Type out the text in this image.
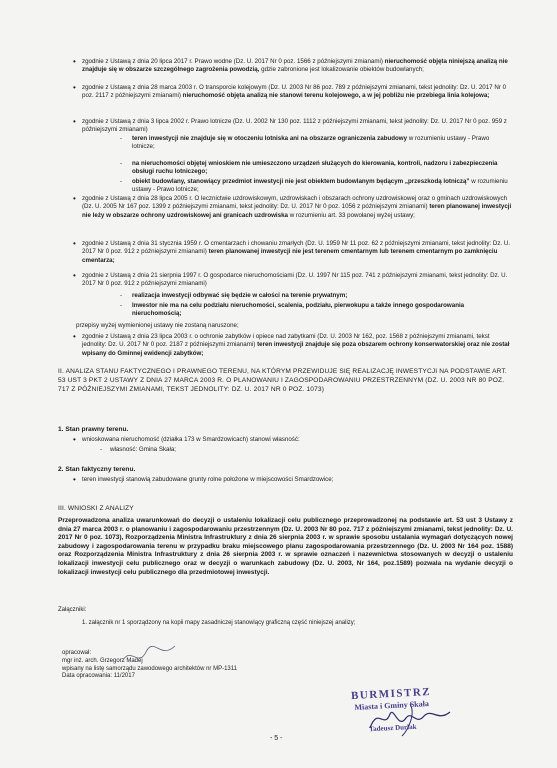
• zgodnie z Ustawą z dnia 20 lipca 2017 r. Prawo wodne (Dz. U. 2017 Nr 0 poz. 1566 z późniejszymi zmianami) nieruchomość objęta niniejszą analizą nie znajduje się w obszarze szczególnego zagrożenia powodzią, gdzie zabronione jest lokalizowanie obiektów budowlanych;
• zgodnie z Ustawą z dnia 28 marca 2003 r. O transporcie kolejowym (Dz. U. 2003 Nr 86 poz. 789 z późniejszymi zmianami, tekst jednolity: Dz. U. 2017 Nr 0 poz. 2117 z późniejszymi zmianami) nieruchomość objęta analizą nie stanowi terenu kolejowego, a w jej pobliżu nie przebiega linia kolejowa;
• zgodnie z Ustawą z dnia 3 lipca 2002 r. Prawo lotnicze (Dz. U. 2002 Nr 130 poz. 1112 z późniejszymi zmianami, tekst jednolity: Dz. U. 2017 Nr 0 poz. 959 z późniejszymi zmianami)
- teren inwestycji nie znajduje się w otoczeniu lotniska ani na obszarze ograniczenia zabudowy w rozumieniu ustawy - Prawo lotnicze;
- na nieruchomości objętej wnioskiem nie umieszczono urządzeń służących do kierowania, kontroli, nadzoru i zabezpieczenia obsługi ruchu lotniczego;
- obiekt budowlany, stanowiący przedmiot inwestycji nie jest obiektem budowlanym będącym „przeszkodą lotniczą” w rozumieniu ustawy - Prawo lotnicze;
• zgodnie z Ustawą z dnia 28 lipca 2005 r. O lecznictwie uzdrowiskowym, uzdrowiskach i obszarach ochrony uzdrowiskowej oraz o gminach uzdrowiskowych (Dz. U. 2005 Nr 167 poz. 1399 z późniejszymi zmianami, tekst jednolity: Dz. U. 2017 Nr 0 poz. 1056 z późniejszymi zmianami) teren planowanej inwestycji nie leży w obszarze ochrony uzdrowiskowej ani granicach uzdrowiska w rozumieniu art. 33 powołanej wyżej ustawy;
• zgodnie z Ustawą z dnia 31 stycznia 1959 r. O cmentarzach i chowaniu zmarłych (Dz. U. 1959 Nr 11 poz. 62 z późniejszymi zmianami, tekst jednolity: Dz. U. 2017 Nr 0 poz. 912 z późniejszymi zmianami) teren planowanej inwestycji nie jest terenem cmentarnym lub terenem cmentarnym po zamknięciu cmentarza;
• zgodnie z Ustawą z dnia 21 sierpnia 1997 r. O gospodarce nieruchomościami (Dz. U. 1997 Nr 115 poz. 741 z późniejszymi zmianami, tekst jednolity: Dz. U. 2017 Nr 0 poz. 912 z późniejszymi zmianami)
- realizacja inwestycji odbywać się będzie w całości na terenie prywatnym;
- Inwestor nie ma na celu podziału nieruchomości, scalenia, podziału, pierwokupu a także innego gospodarowania nieruchomością;
przepisy wyżej wymienionej ustawy nie zostaną naruszone;
• zgodnie z Ustawą z dnia 23 lipca 2003 r. o ochronie zabytków i opiece nad zabytkami (Dz. U. 2003 Nr 162, poz. 1568 z późniejszymi zmianami, tekst jednolity: Dz. U. 2017 Nr 0 poz. 2187 z późniejszymi zmianami) teren inwestycji znajduje się poza obszarem ochrony konserwatorskiej oraz nie został wpisany do Gminnej ewidencji zabytków;
II. ANALIZA STANU FAKTYCZNEGO I PRAWNEGO TERENU, NA KTÓRYM PRZEWIDUJE SIĘ REALIZACJĘ INWESTYCJI NA PODSTAWIE ART. 53 UST 3 PKT 2 USTAWY Z DNIA 27 MARCA 2003 R. O PLANOWANIU I ZAGOSPODAROWANIU PRZESTRZENNYM (DZ. U. 2003 NR 80 POZ. 717 Z PÓŹNIEJSZYMI ZMIANAMI, TEKST JEDNOLITY: DZ. U. 2017 NR 0 POZ. 1073)
1. Stan prawny terenu.
• wnioskowana nieruchomość (działka 173 w Smardzowicach) stanowi własność:
- własność: Gmina Skała;
2. Stan faktyczny terenu.
• teren inwestycji stanowią zabudowane grunty rolne położone w miejscowości Smardzowice;
III. WNIOSKI Z ANALIZY
Przeprowadzona analiza uwarunkowań do decyzji o ustaleniu lokalizacji celu publicznego przeprowadzonej na podstawie art. 53 ust 3 Ustawy z dnia 27 marca 2003 r. o planowaniu i zagospodarowaniu przestrzennym (Dz. U. 2003 Nr 80 poz. 717 z późniejszymi zmianami, tekst jednolity: Dz. U. 2017 Nr 0 poz. 1073), Rozporządzenia Ministra Infrastruktury z dnia 26 sierpnia 2003 r. w sprawie sposobu ustalania wymagań dotyczących nowej zabudowy i zagospodarowania terenu w przypadku braku miejscowego planu zagospodarowania przestrzennego (Dz. U. 2003 Nr 164 poz. 1588) oraz Rozporządzenia Ministra Infrastruktury z dnia 26 sierpnia 2003 r. w sprawie oznaczeń i nazewnictwa stosowanych w decyzji o ustaleniu lokalizacji inwestycji celu publicznego oraz w decyzji o warunkach zabudowy (Dz. U. 2003, Nr 164, poz.1589) pozwala na wydanie decyzji o lokalizacji inwestycji celu publicznego dla przedmiotowej inwestycji.
Załączniki:
1. załącznik nr 1 sporządzony na kopii mapy zasadniczej stanowiący graficzną część niniejszej analizy;
opracował:
mgr inż. arch. Grzegorz Madej
wpisany na listę samorządu zawodowego architektów nr MP-1311
Data opracowania: 11/2017
BURMISTRZ
Miasta i Gminy Skała
Tadeusz Durlak
- 5 -
